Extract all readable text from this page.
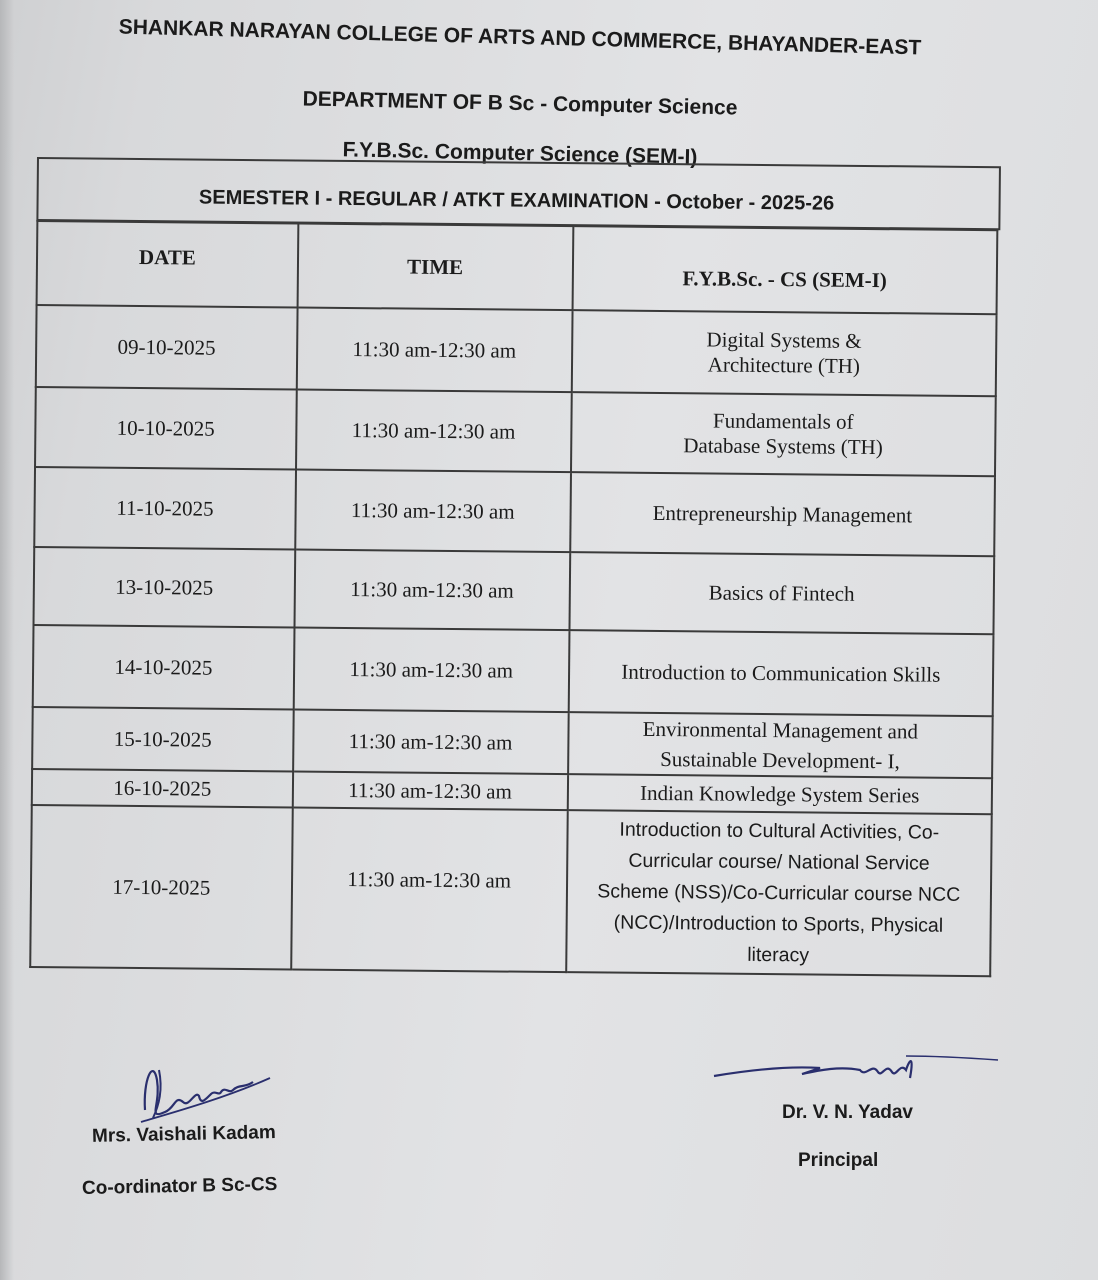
SHANKAR NARAYAN COLLEGE OF ARTS AND COMMERCE, BHAYANDER-EAST
DEPARTMENT OF B Sc - Computer Science
F.Y.B.Sc. Computer Science (SEM-I)
SEMESTER I - REGULAR / ATKT EXAMINATION - October - 2025-26
DATE	TIME	F.Y.B.Sc. - CS (SEM-I)
09-10-2025	11:30 am-12:30 am	Digital Systems &
Architecture (TH)

10-10-2025	11:30 am-12:30 am	Fundamentals of
Database Systems (TH)

11-10-2025	11:30 am-12:30 am	Entrepreneurship Management
13-10-2025	11:30 am-12:30 am	Basics of Fintech
14-10-2025	11:30 am-12:30 am	Introduction to Communication Skills
15-10-2025	11:30 am-12:30 am	Environmental Management and
Sustainable Development- I,

16-10-2025	11:30 am-12:30 am	Indian Knowledge System Series
17-10-2025	11:30 am-12:30 am	Introduction to Cultural Activities, Co-
Curricular course/ National Service
Scheme (NSS)/Co-Curricular course NCC
(NCC)/Introduction to Sports, Physical
literacy
Mrs. Vaishali Kadam
Co-ordinator B Sc-CS
Dr. V. N. Yadav
Principal
